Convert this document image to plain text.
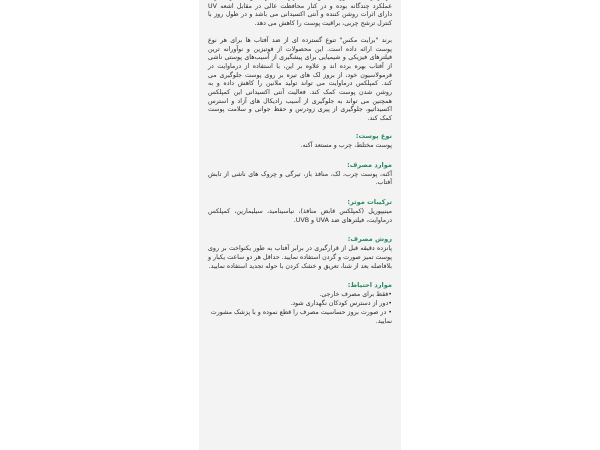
عملکرد چندگانه بوده و در کنار محافظت عالی در مقابل اشعه UV دارای اثرات روشن کننده و آنتی اکسیدانی می باشد و در طول روز با کنترل ترشح چربی، براقیت پوست را کاهش می دهد.

برند "برایت مکس" تنوع گسترده ای از ضد آفتاب ها برای هر نوع پوست ارائه داده است. این محصولات از فوتیزین و نوآورانه ترین فیلترهای فیزیکی و شیمیایی برای پیشگیری از آسیب‌های پوستی ناشی از آفتاب بهره برده اند و علاوه بر این، با استفاده از درماوایت در فرمولاسیون خود، از بروز لک های تیره بر روی پوست جلوگیری می کند. کمپلکس درماوایت می تواند تولید ملانین را کاهش داده و به روشن شدن پوست کمک کند. فعالیت آنتی اکسیدانی این کمپلکس همچنین می تواند به جلوگیری از آسیب رادیکال های آزاد و استرس اکسیداتیو، جلوگیری از پیری زودرس و حفظ جوانی و سلامت پوست کمک کند.

نوع پوست:
پوست مختلط، چرب و مستعد آکنه.
موارد مصرف:
آکنه، پوست چرب، لک، منافذ باز، تیرگی و چروک های ناشی از تابش آفتاب.
ترکیبات موثر:
مینیپوریل (کمپلکس قابض منافذ)، نیاسینامید، سیلیمارین، کمپلکس درماوایت، فیلترهای ضد UVA و UVB.
روش مصرف:
پانزده دقیقه قبل از قرارگیری در برابر آفتاب به طور یکنواخت بر روی پوست تمیز صورت و گردن استفاده نمایید. حداقل هر دو ساعت یکبار و بلافاصله بعد از شنا، تعریق و خشک کردن با حوله تجدید استفاده نمایید.
موارد احتیاط:
•فقط برای مصرف خارجی.
•دور از دسترس کودکان نگهداری شود.
• در صورت بروز حساسیت مصرف را قطع نموده و با پزشک مشورت نمایید.
